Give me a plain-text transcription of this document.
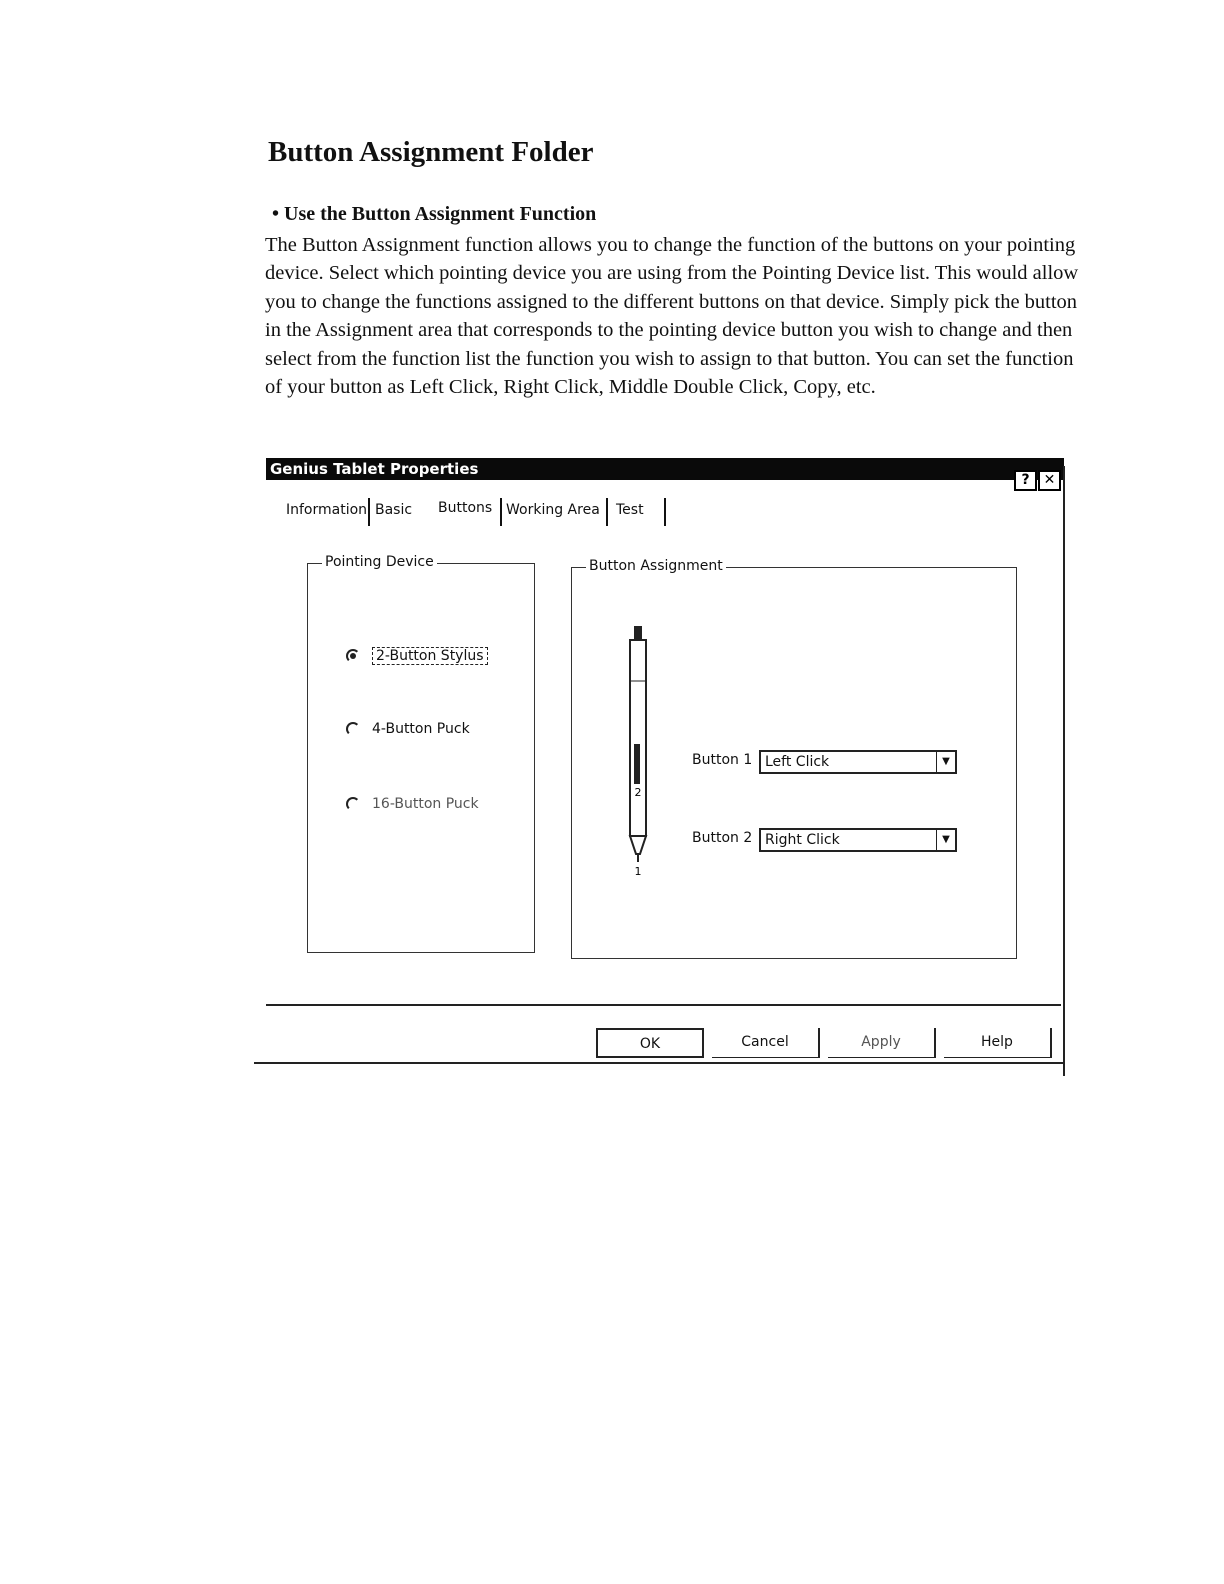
Button Assignment Folder
• Use the Button Assignment Function

The Button Assignment function allows you to change the function of the buttons on your pointing device. Select which pointing device you are using from the Pointing Device list. This would allow you to change the functions assigned to the different buttons on that device. Simply pick the button in the Assignment area that corresponds to the pointing device button you wish to change and then select from the function list the function you wish to assign to that button. You can set the function of your button as Left Click, Right Click, Middle Double Click, Copy, etc.

Genius Tablet Properties
?	✕
Information Basic Buttons Working Area Test
Pointing Device
2-Button Stylus
4-Button Puck
16-Button Puck
Button Assignment
Button 1 Left Click	▼
Button 2 Right Click	▼
2
1
OK	Cancel	Apply	Help
